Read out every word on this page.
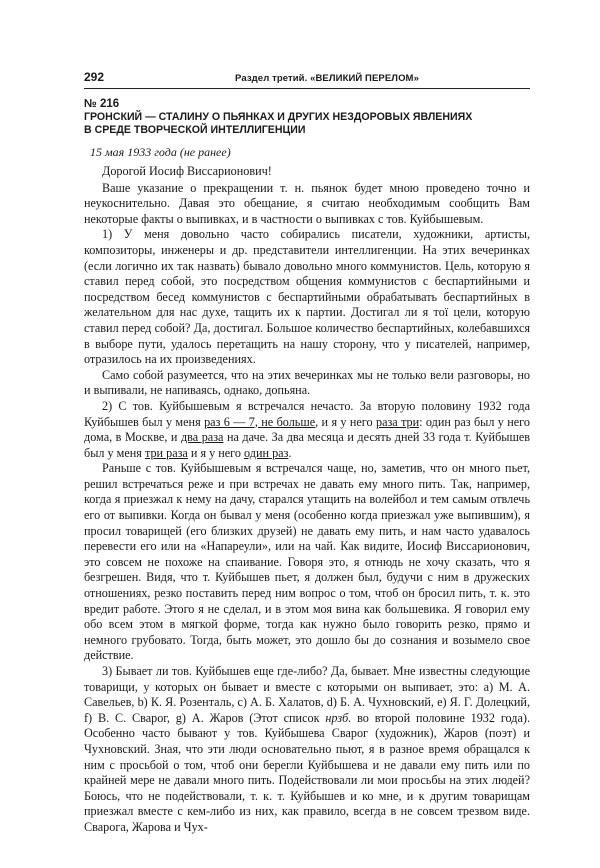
292	Раздел третий. «ВЕЛИКИЙ ПЕРЕЛОМ»
№ 216
ГРОНСКИЙ — СТАЛИНУ О ПЬЯНКАХ И ДРУГИХ НЕЗДОРОВЫХ ЯВЛЕНИЯХ
В СРЕДЕ ТВОРЧЕСКОЙ ИНТЕЛЛИГЕНЦИИ
15 мая 1933 года (не ранее)

Дорогой Иосиф Виссарионович!

Ваше указание о прекращении т. н. пьянок будет мною проведено точно и неукоснительно. Давая это обещание, я считаю необходимым сообщить Вам некоторые факты о выпивках, и в частности о выпивках с тов. Куйбышевым.

1) У меня довольно часто собирались писатели, художники, артисты, композиторы, инженеры и др. представители интеллигенции. На этих вечеринках (если логично их так назвать) бывало довольно много коммунистов. Цель, которую я ставил перед собой, это посредством общения коммунистов с беспартийными и посредством бесед коммунистов с беспартийными обрабатывать беспартийных в желательном для нас духе, тащить их к партии. Достигал ли я тої цели, которую ставил перед собой? Да, достигал. Большое количество беспартийных, колебавшихся в выборе пути, удалось перетащить на нашу сторону, что у писателей, например, отразилось на их произведениях.

Само собой разумеется, что на этих вечеринках мы не только вели разговоры, но и выпивали, не напиваясь, однако, допьяна.

2) С тов. Куйбышевым я встречался нечасто. За вторую половину 1932 года Куйбышев был у меня раз 6 — 7, не больше, и я у него раза три: один раз был у него дома, в Москве, и два раза на даче. За два месяца и десять дней 33 года т. Куйбышев был у меня три раза и я у него один раз.

Раньше с тов. Куйбышевым я встречался чаще, но, заметив, что он много пьет, решил встречаться реже и при встречах не давать ему много пить. Так, например, когда я приезжал к нему на дачу, старался утащить на волейбол и тем самым отвлечь его от выпивки. Когда он бывал у меня (особенно когда приезжал уже выпившим), я просил товарищей (его близких друзей) не давать ему пить, и нам часто удавалось перевести его или на «Напареули», или на чай. Как видите, Иосиф Виссарионович, это совсем не похоже на спаивание. Говоря это, я отнюдь не хочу сказать, что я безгрешен. Видя, что т. Куйбышев пьет, я должен был, будучи с ним в дружеских отношениях, резко поставить перед ним вопрос о том, чтоб он бросил пить, т. к. это вредит работе. Этого я не сделал, и в этом моя вина как большевика. Я говорил ему обо всем этом в мягкой форме, тогда как нужно было говорить резко, прямо и немного грубовато. Тогда, быть может, это дошло бы до сознания и возымело свое действие.

3) Бывает ли тов. Куйбышев еще где-либо? Да, бывает. Мне известны следующие товарищи, у которых он бывает и вместе с которыми он выпивает, это: а) М. А. Савельев, b) К. Я. Розенталь, с) А. Б. Халатов, d) Б. А. Чухновский, е) Я. Г. Долецкий, f) В. С. Сварог, g) А. Жаров (Этот список нрзб. во второй половине 1932 года). Особенно часто бывают у тов. Куйбышева Сварог (художник), Жаров (поэт) и Чухновский. Зная, что эти люди основательно пьют, я в разное время обращался к ним с просьбой о том, чтоб они берегли Куйбышева и не давали ему пить или по крайней мере не давали много пить. Подействовали ли мои просьбы на этих людей? Боюсь, что не подействовали, т. к. т. Куйбышев и ко мне, и к другим товарищам приезжал вместе с кем-либо из них, как правило, всегда в не совсем трезвом виде. Сварога, Жарова и Чух-
